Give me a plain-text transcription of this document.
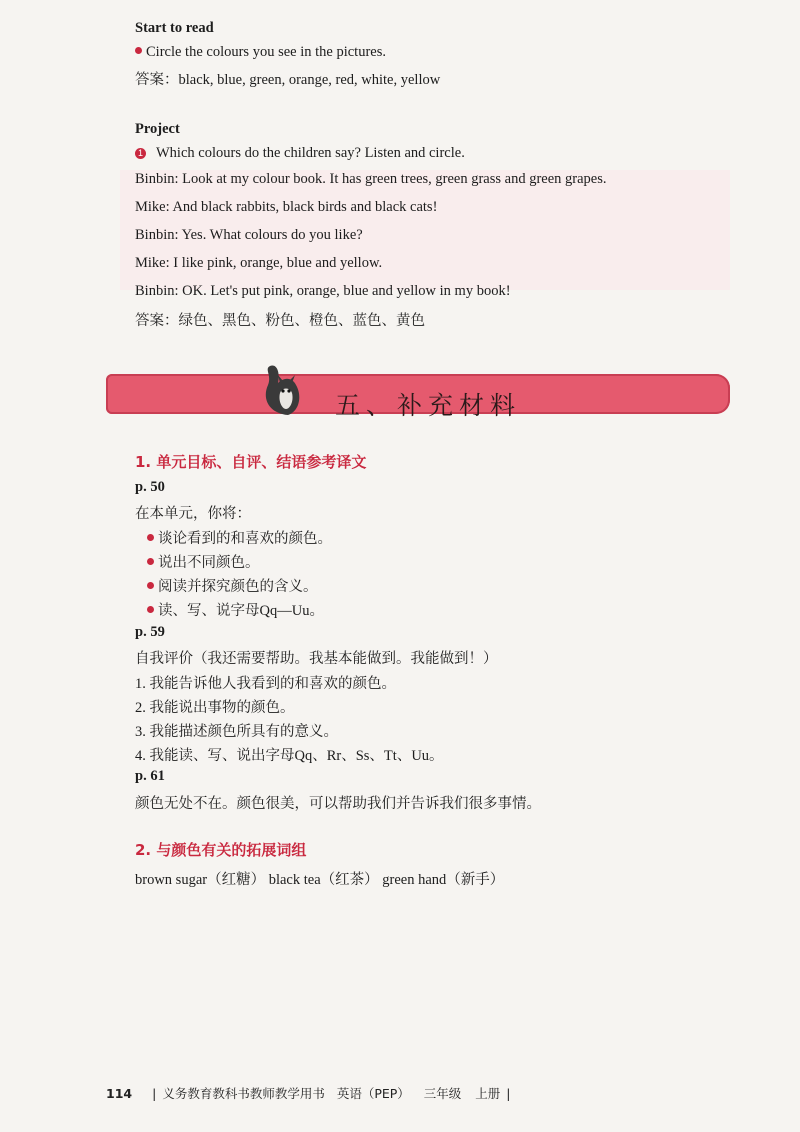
Start to read
Circle the colours you see in the pictures.
答案：black, blue, green, orange, red, white, yellow
Project
1 Which colours do the children say? Listen and circle.
Binbin: Look at my colour book. It has green trees, green grass and green grapes.
Mike: And black rabbits, black birds and black cats!
Binbin: Yes. What colours do you like?
Mike: I like pink, orange, blue and yellow.
Binbin: OK. Let's put pink, orange, blue and yellow in my book!
答案：绿色、黑色、粉色、橙色、蓝色、黄色
五、补充材料
1. 单元目标、自评、结语参考译文
p. 50
在本单元，你将：
谈论看到的和喜欢的颜色。
说出不同颜色。
阅读并探究颜色的含义。
读、写、说字母Qq—Uu。
p. 59
自我评价（我还需要帮助。我基本能做到。我能做到！）
1. 我能告诉他人我看到的和喜欢的颜色。
2. 我能说出事物的颜色。
3. 我能描述颜色所具有的意义。
4. 我能读、写、说出字母Qq、Rr、Ss、Tt、Uu。
p. 61
颜色无处不在。颜色很美，可以帮助我们并告诉我们很多事情。
2. 与颜色有关的拓展词组
brown sugar（红糖） black tea（红茶） green hand（新手）
114 | 义务教育教科书教师教学用书 英语（PEP） 三年级 上册 |
